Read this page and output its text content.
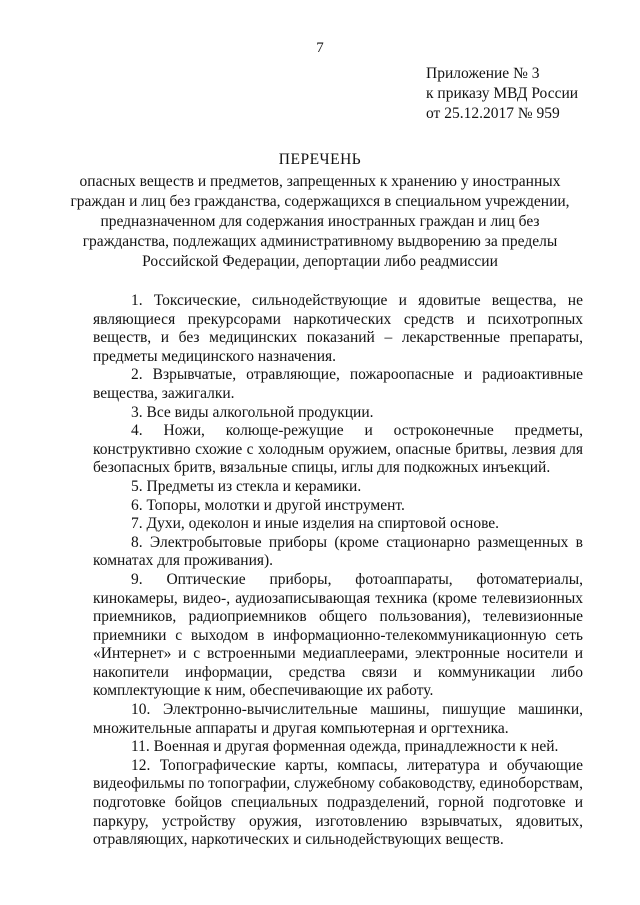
7
Приложение № 3
к приказу МВД России
от 25.12.2017 № 959
ПЕРЕЧЕНЬ
опасных веществ и предметов, запрещенных к хранению у иностранных
граждан и лиц без гражданства, содержащихся в специальном учреждении,
предназначенном для содержания иностранных граждан и лиц без
гражданства, подлежащих административному выдворению за пределы
Российской Федерации, депортации либо реадмиссии

1. Токсические, сильнодействующие и ядовитые вещества, не являющиеся прекурсорами наркотических средств и психотропных веществ, и без медицинских показаний – лекарственные препараты, предметы медицинского назначения.

2. Взрывчатые, отравляющие, пожароопасные и радиоактивные вещества, зажигалки.

3. Все виды алкогольной продукции.

4. Ножи, колюще-режущие и остроконечные предметы, конструктивно схожие с холодным оружием, опасные бритвы, лезвия для безопасных бритв, вязальные спицы, иглы для подкожных инъекций.

5. Предметы из стекла и керамики.

6. Топоры, молотки и другой инструмент.

7. Духи, одеколон и иные изделия на спиртовой основе.

8. Электробытовые приборы (кроме стационарно размещенных в комнатах для проживания).

9. Оптические приборы, фотоаппараты, фотоматериалы, кинокамеры, видео-, аудиозаписывающая техника (кроме телевизионных приемников, радиоприемников общего пользования), телевизионные приемники с выходом в информационно-телекоммуникационную сеть «Интернет» и с встроенными медиаплеерами, электронные носители и накопители информации, средства связи и коммуникации либо комплектующие к ним, обеспечивающие их работу.

10. Электронно-вычислительные машины, пишущие машинки, множительные аппараты и другая компьютерная и оргтехника.

11. Военная и другая форменная одежда, принадлежности к ней.

12. Топографические карты, компасы, литература и обучающие видеофильмы по топографии, служебному собаководству, единоборствам, подготовке бойцов специальных подразделений, горной подготовке и паркуру, устройству оружия, изготовлению взрывчатых, ядовитых, отравляющих, наркотических и сильнодействующих веществ.
